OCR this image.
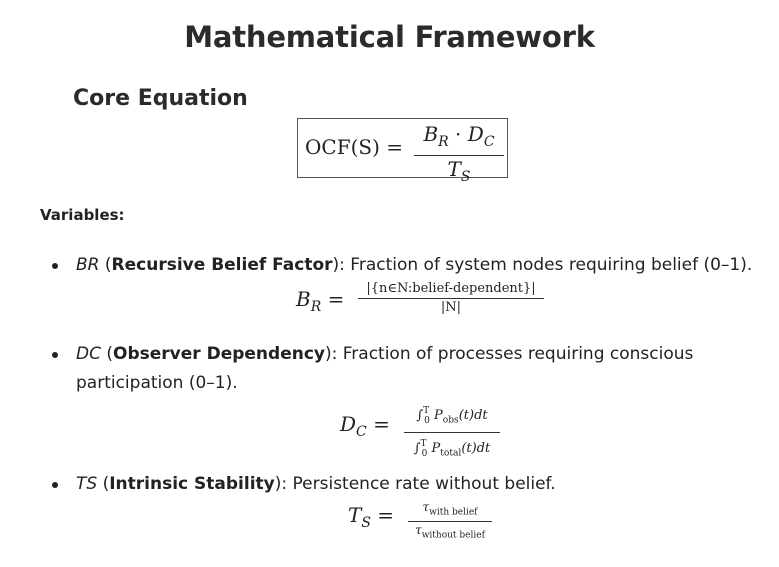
Mathematical Framework
Core Equation
$OCF(S) = \frac{B_R \cdot D_C}{T_S}$
Variables:
BR (Recursive Belief Factor): Fraction of system nodes requiring belief (0–1).
$B_R$ =	|{n∈N:belief-dependent}|
|N|
DC (Observer Dependency): Fraction of processes requiring conscious
participation (0–1).
$D_C$ =	∫$^T_0$ $P_{obs}(t)dt$
∫$^T_0$ $P_{total}(t)dt$
TS (Intrinsic Stability): Persistence rate without belief.
$T_S$ =	$\tau_{with belief}$
$\tau_{without belief}$
